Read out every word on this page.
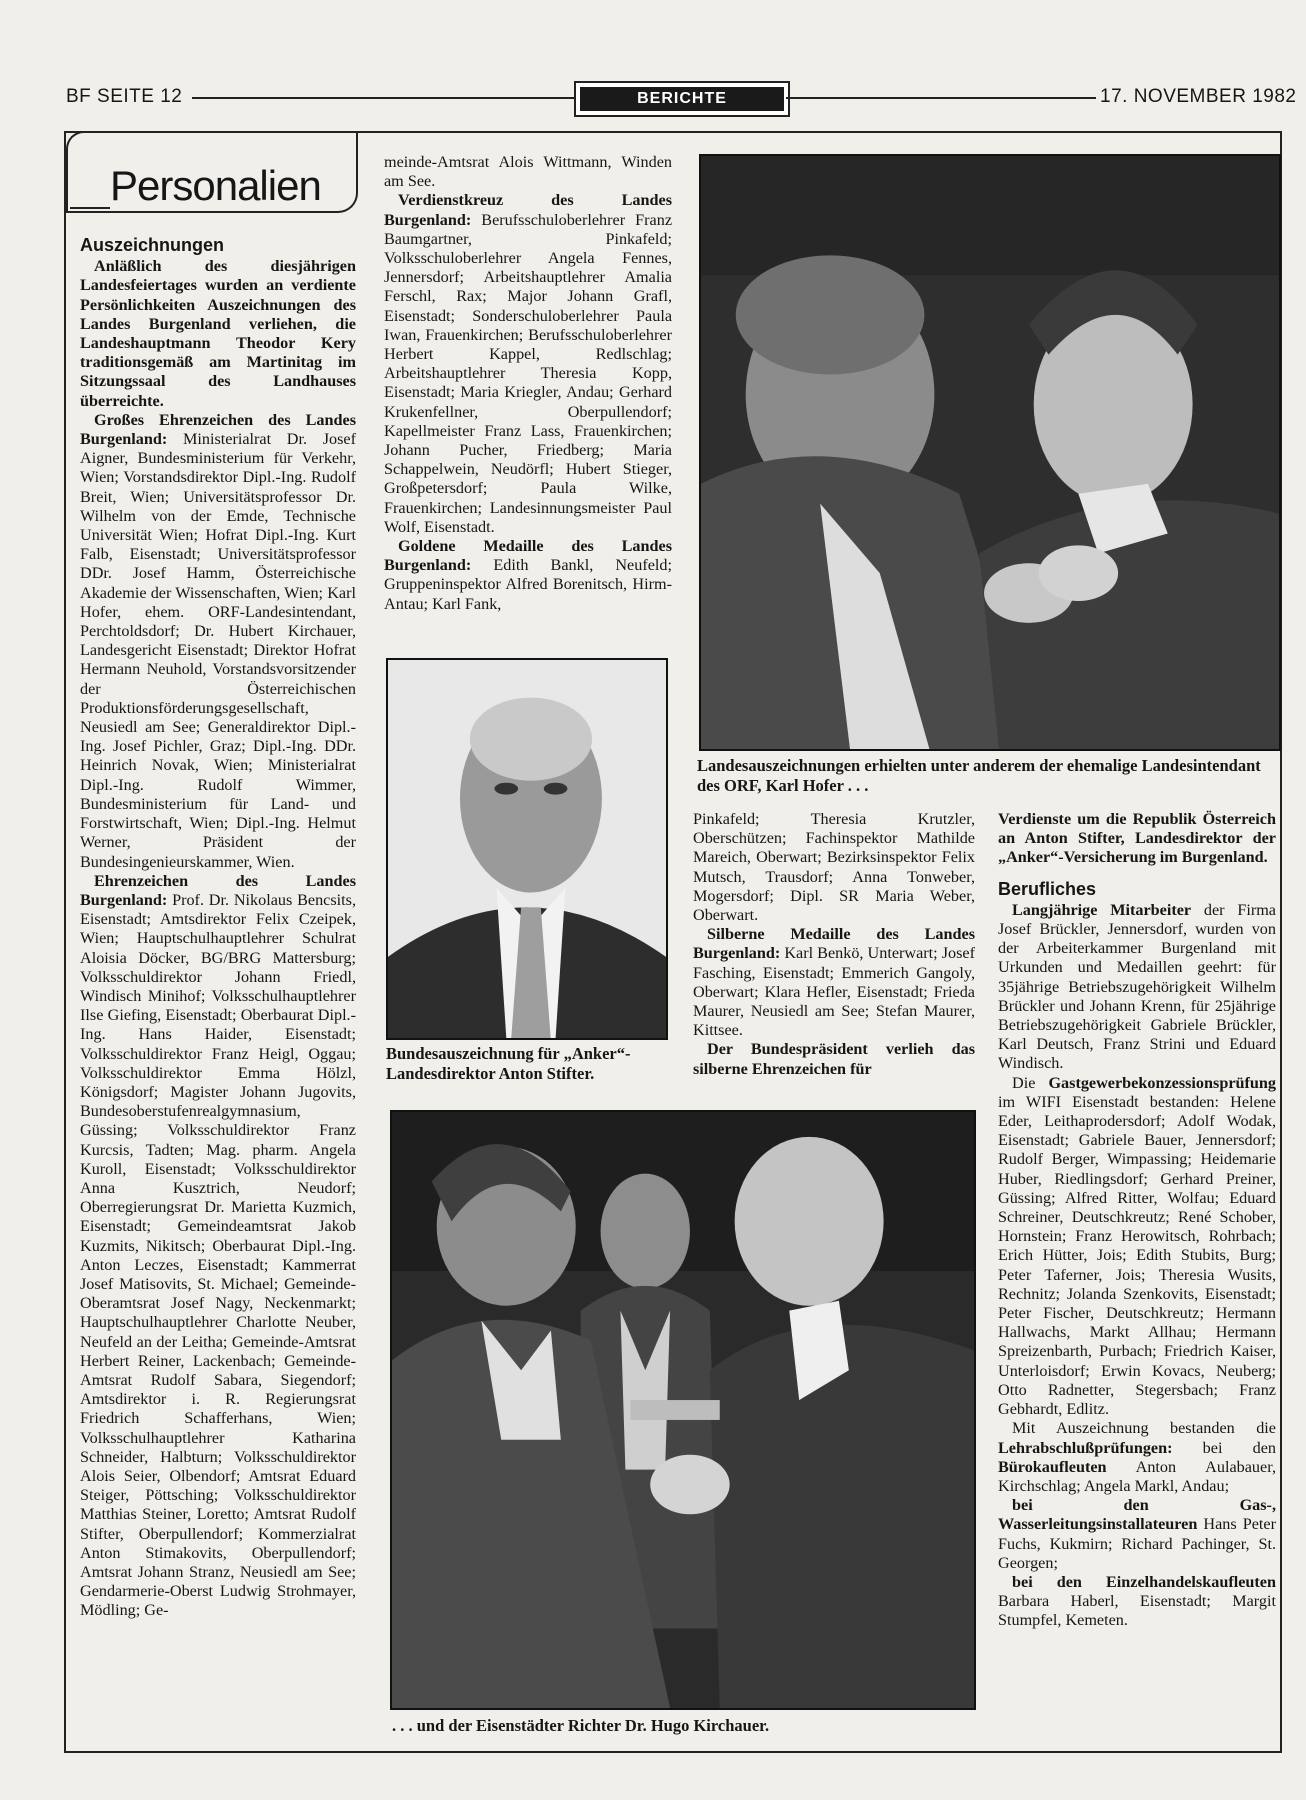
BF SEITE 12	BERICHTE	17. NOVEMBER 1982
Personalien
Auszeichnungen

Anläßlich des diesjährigen Landesfeiertages wurden an verdiente Persönlichkeiten Auszeichnungen des Landes Burgenland verliehen, die Landeshauptmann Theodor Kery traditionsgemäß am Martinitag im Sitzungssaal des Landhauses überreichte.

Großes Ehrenzeichen des Landes Burgenland: Ministerialrat Dr. Josef Aigner, Bundesministerium für Verkehr, Wien; Vorstandsdirektor Dipl.-Ing. Rudolf Breit, Wien; Universitätsprofessor Dr. Wilhelm von der Emde, Technische Universität Wien; Hofrat Dipl.-Ing. Kurt Falb, Eisenstadt; Universitätsprofessor DDr. Josef Hamm, Österreichische Akademie der Wissenschaften, Wien; Karl Hofer, ehem. ORF-Landesintendant, Perchtoldsdorf; Dr. Hubert Kirchauer, Landesgericht Eisenstadt; Direktor Hofrat Hermann Neuhold, Vorstandsvorsitzender der Österreichischen Produktionsförderungsgesellschaft, Neusiedl am See; Generaldirektor Dipl.-Ing. Josef Pichler, Graz; Dipl.-Ing. DDr. Heinrich Novak, Wien; Ministerialrat Dipl.-Ing. Rudolf Wimmer, Bundesministerium für Land- und Forstwirtschaft, Wien; Dipl.-Ing. Helmut Werner, Präsident der Bundesingenieurskammer, Wien.

Ehrenzeichen des Landes Burgenland: Prof. Dr. Nikolaus Bencsits, Eisenstadt; Amtsdirektor Felix Czeipek, Wien; Hauptschulhauptlehrer Schulrat Aloisia Döcker, BG/BRG Mattersburg; Volksschuldirektor Johann Friedl, Windisch Minihof; Volksschulhauptlehrer Ilse Giefing, Eisenstadt; Oberbaurat Dipl.-Ing. Hans Haider, Eisenstadt; Volksschuldirektor Franz Heigl, Oggau; Volksschuldirektor Emma Hölzl, Königsdorf; Magister Johann Jugovits, Bundesoberstufenrealgymnasium, Güssing; Volksschuldirektor Franz Kurcsis, Tadten; Mag. pharm. Angela Kuroll, Eisenstadt; Volksschuldirektor Anna Kusztrich, Neudorf; Oberregierungsrat Dr. Marietta Kuzmich, Eisenstadt; Gemeindeamtsrat Jakob Kuzmits, Nikitsch; Oberbaurat Dipl.-Ing. Anton Leczes, Eisenstadt; Kammerrat Josef Matisovits, St. Michael; Gemeinde-Oberamtsrat Josef Nagy, Neckenmarkt; Hauptschulhauptlehrer Charlotte Neuber, Neufeld an der Leitha; Gemeinde-Amtsrat Herbert Reiner, Lackenbach; Gemeinde-Amtsrat Rudolf Sabara, Siegendorf; Amtsdirektor i. R. Regierungsrat Friedrich Schafferhans, Wien; Volksschulhauptlehrer Katharina Schneider, Halbturn; Volksschuldirektor Alois Seier, Olbendorf; Amtsrat Eduard Steiger, Pöttsching; Volksschuldirektor Matthias Steiner, Loretto; Amtsrat Rudolf Stifter, Oberpullendorf; Kommerzialrat Anton Stimakovits, Oberpullendorf; Amtsrat Johann Stranz, Neusiedl am See; Gendarmerie-Oberst Ludwig Strohmayer, Mödling; Ge-

meinde-Amtsrat Alois Wittmann, Winden am See.

Verdienstkreuz des Landes Burgenland: Berufsschuloberlehrer Franz Baumgartner, Pinkafeld; Volksschuloberlehrer Angela Fennes, Jennersdorf; Arbeitshauptlehrer Amalia Ferschl, Rax; Major Johann Grafl, Eisenstadt; Sonderschuloberlehrer Paula Iwan, Frauenkirchen; Berufsschuloberlehrer Herbert Kappel, Redlschlag; Arbeitshauptlehrer Theresia Kopp, Eisenstadt; Maria Kriegler, Andau; Gerhard Krukenfellner, Oberpullendorf; Kapellmeister Franz Lass, Frauenkirchen; Johann Pucher, Friedberg; Maria Schappelwein, Neudörfl; Hubert Stieger, Großpetersdorf; Paula Wilke, Frauenkirchen; Landesinnungsmeister Paul Wolf, Eisenstadt.

Goldene Medaille des Landes Burgenland: Edith Bankl, Neufeld; Gruppeninspektor Alfred Borenitsch, Hirm-Antau; Karl Fank,

Landesauszeichnungen erhielten unter anderem der ehemalige Landesintendant des ORF, Karl Hofer . . .
Bundesauszeichnung für „Anker“-Landesdirektor Anton Stifter.

Pinkafeld; Theresia Krutzler, Oberschützen; Fachinspektor Mathilde Mareich, Oberwart; Bezirksinspektor Felix Mutsch, Trausdorf; Anna Tonweber, Mogersdorf; Dipl. SR Maria Weber, Oberwart.

Silberne Medaille des Landes Burgenland: Karl Benkö, Unterwart; Josef Fasching, Eisenstadt; Emmerich Gangoly, Oberwart; Klara Hefler, Eisenstadt; Frieda Maurer, Neusiedl am See; Stefan Maurer, Kittsee.

Der Bundespräsident verlieh das silberne Ehrenzeichen für

Verdienste um die Republik Österreich an Anton Stifter, Landesdirektor der „Anker“-Versicherung im Burgenland.

Berufliches

Langjährige Mitarbeiter der Firma Josef Brückler, Jennersdorf, wurden von der Arbeiterkammer Burgenland mit Urkunden und Medaillen geehrt: für 35jährige Betriebszugehörigkeit Wilhelm Brückler und Johann Krenn, für 25jährige Betriebszugehörigkeit Gabriele Brückler, Karl Deutsch, Franz Strini und Eduard Windisch.

Die Gastgewerbekonzessionsprüfung im WIFI Eisenstadt bestanden: Helene Eder, Leithaprodersdorf; Adolf Wodak, Eisenstadt; Gabriele Bauer, Jennersdorf; Rudolf Berger, Wimpassing; Heidemarie Huber, Riedlingsdorf; Gerhard Preiner, Güssing; Alfred Ritter, Wolfau; Eduard Schreiner, Deutschkreutz; René Schober, Hornstein; Franz Herowitsch, Rohrbach; Erich Hütter, Jois; Edith Stubits, Burg; Peter Taferner, Jois; Theresia Wusits, Rechnitz; Jolanda Szenkovits, Eisenstadt; Peter Fischer, Deutschkreutz; Hermann Hallwachs, Markt Allhau; Hermann Spreizenbarth, Purbach; Friedrich Kaiser, Unterloisdorf; Erwin Kovacs, Neuberg; Otto Radnetter, Stegersbach; Franz Gebhardt, Edlitz.

Mit Auszeichnung bestanden die Lehrabschlußprüfungen: bei den Bürokaufleuten Anton Aulabauer, Kirchschlag; Angela Markl, Andau;

bei den Gas-, Wasserleitungsinstallateuren Hans Peter Fuchs, Kukmirn; Richard Pachinger, St. Georgen;

bei den Einzelhandelskaufleuten Barbara Haberl, Eisenstadt; Margit Stumpfel, Kemeten.

. . . und der Eisenstädter Richter Dr. Hugo Kirchauer.
